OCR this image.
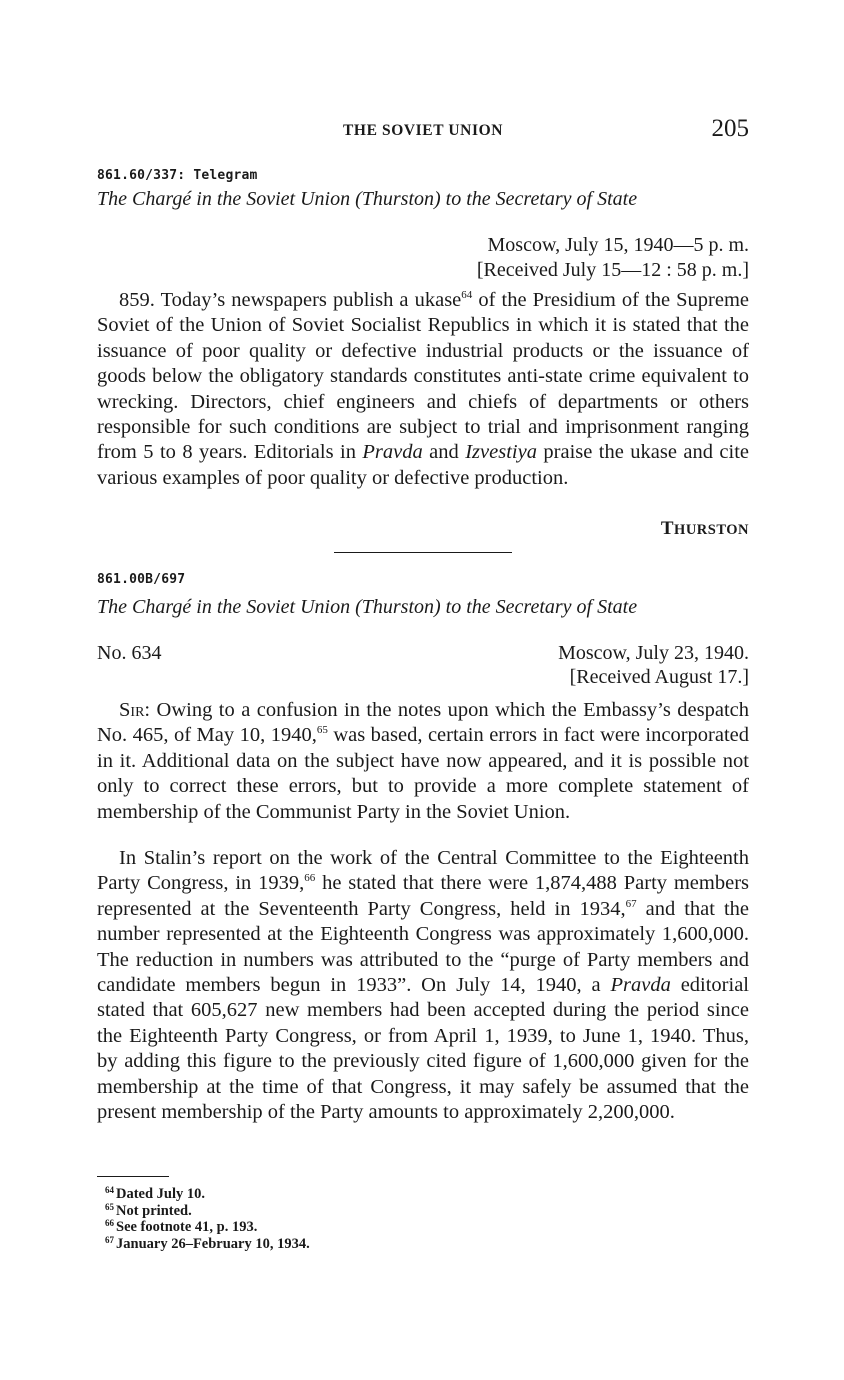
THE SOVIET UNION	205
861.60/337: Telegram
The Chargé in the Soviet Union (Thurston) to the Secretary of State
Moscow, July 15, 1940—5 p. m.
[Received July 15—12 : 58 p. m.]

859. Today’s newspapers publish a ukase$^{64}$ of the Presidium of the Supreme Soviet of the Union of Soviet Socialist Republics in which it is stated that the issuance of poor quality or defective industrial products or the issuance of goods below the obligatory standards constitutes anti-state crime equivalent to wrecking. Directors, chief engineers and chiefs of departments or others responsible for such conditions are subject to trial and imprisonment ranging from 5 to 8 years. Editorials in Pravda and Izvestiya praise the ukase and cite various examples of poor quality or defective production.

THURSTON
861.00B/697
The Chargé in the Soviet Union (Thurston) to the Secretary of State
No. 634	Moscow, July 23, 1940.
[Received August 17.]

Sir: Owing to a confusion in the notes upon which the Embassy’s despatch No. 465, of May 10, 1940,65 was based, certain errors in fact were incorporated in it. Additional data on the subject have now appeared, and it is possible not only to correct these errors, but to provide a more complete statement of membership of the Communist Party in the Soviet Union.

In Stalin’s report on the work of the Central Committee to the Eighteenth Party Congress, in 1939,66 he stated that there were 1,874,488 Party members represented at the Seventeenth Party Congress, held in 1934,67 and that the number represented at the Eighteenth Congress was approximately 1,600,000. The reduction in numbers was attributed to the “purge of Party members and candidate members begun in 1933”. On July 14, 1940, a Pravda editorial stated that 605,627 new members had been accepted during the period since the Eighteenth Party Congress, or from April 1, 1939, to June 1, 1940. Thus, by adding this figure to the previously cited figure of 1,600,000 given for the membership at the time of that Congress, it may safely be assumed that the present membership of the Party amounts to approximately 2,200,000.

$^{64}$ Dated July 10.
$^{65}$ Not printed.
$^{66}$ See footnote 41, p. 193.
$^{67}$ January 26–February 10, 1934.
